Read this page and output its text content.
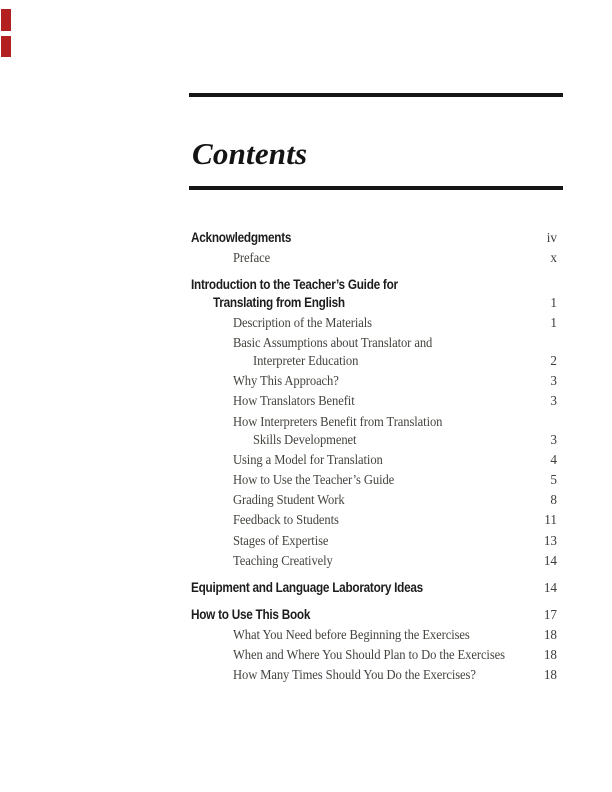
Contents
Acknowledgments	iv
Preface	x
Introduction to the Teacher’s Guide for
Translating from English	1
Description of the Materials	1
Basic Assumptions about Translator and
Interpreter Education	2
Why This Approach?	3
How Translators Benefit	3
How Interpreters Benefit from Translation
Skills Developmenet	3
Using a Model for Translation	4
How to Use the Teacher’s Guide	5
Grading Student Work	8
Feedback to Students	11
Stages of Expertise	13
Teaching Creatively	14
Equipment and Language Laboratory Ideas	14
How to Use This Book	17
What You Need before Beginning the Exercises	18
When and Where You Should Plan to Do the Exercises	18
How Many Times Should You Do the Exercises?	18
